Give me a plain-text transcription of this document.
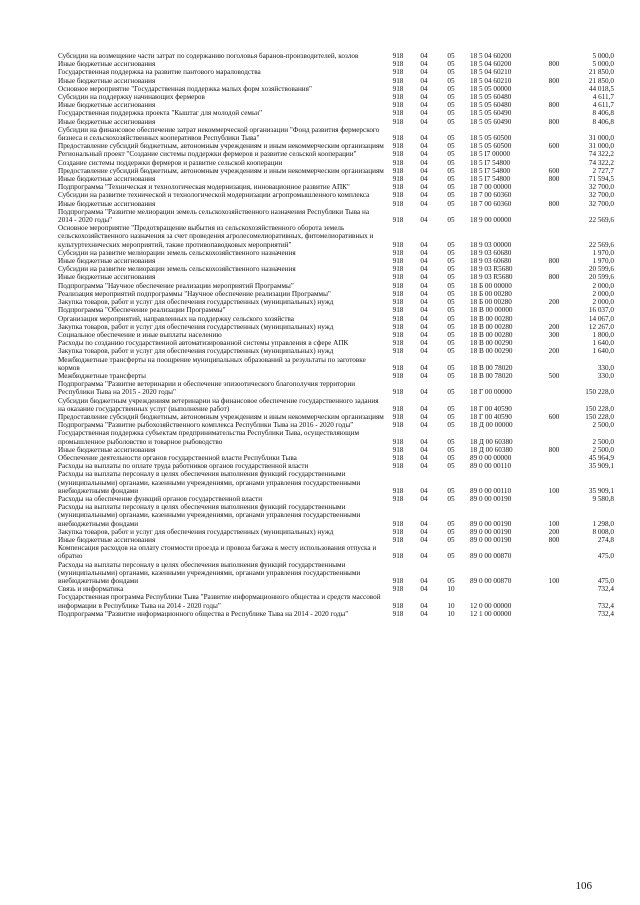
Субсидии на возмещение части затрат по содержанию поголовья баранов-производителей, козлов	918	04	05	18 5 04 60200		5 000,0
Иные бюджетные ассигнования	918	04	05	18 5 04 60200	800	5 000,0
Государственная поддержка на развитие пантового мараловодства	918	04	05	18 5 04 60210		21 850,0
Иные бюджетные ассигнования	918	04	05	18 5 04 60210	800	21 850,0
Основное мероприятие "Государственная поддержка малых форм хозяйствования"	918	04	05	18 5 05 00000		44 018,5
Субсидии на поддержку начинающих фермеров	918	04	05	18 5 05 60480		4 611,7
Иные бюджетные ассигнования	918	04	05	18 5 05 60480	800	4 611,7
Государственная поддержка проекта "Кыштаг для молодой семьи"	918	04	05	18 5 05 60490		8 406,8
Иные бюджетные ассигнования	918	04	05	18 5 05 60490	800	8 406,8
Субсидии на финансовое обеспечение затрат некоммерческой организации "Фонд развития фермерского бизнеса и сельскохозяйственных кооперативов Республики Тыва"	918	04	05	18 5 05 60500		31 000,0
Предоставление субсидий бюджетным, автономным учреждениям и иным некоммерческим организациям	918	04	05	18 5 05 60500	600	31 000,0
Региональный проект "Создание системы поддержки фермеров и развитие сельской кооперации"	918	04	05	18 5 I7 00000		74 322,2
Создание системы поддержки фермеров и развитие сельской кооперации	918	04	05	18 5 I7 54800		74 322,2
Предоставление субсидий бюджетным, автономным учреждениям и иным некоммерческим организациям	918	04	05	18 5 I7 54800	600	2 727,7
Иные бюджетные ассигнования	918	04	05	18 5 I7 54800	800	71 594,5
Подпрограмма "Техническая и технологическая модернизация, инновационное развитие АПК"	918	04	05	18 7 00 00000		32 700,0
Субсидии на развитие технической и технологической модернизации агропромышленного комплекса	918	04	05	18 7 00 60360		32 700,0
Иные бюджетные ассигнования	918	04	05	18 7 00 60360	800	32 700,0
Подпрограмма "Развитие мелиорации земель сельскохозяйственного назначения Республики Тыва на 2014 - 2020 годы"	918	04	05	18 9 00 00000		22 569,6
Основное мероприятие "Предотвращение выбытия из сельскохозяйственного оборота земель сельскохозяйственного назначения за счет проведения агролесомелиоративных, фитомелиоративных и культуртехнических мероприятий, также противопаводковых мероприятий"	918	04	05	18 9 03 00000		22 569,6
Субсидии на развитие мелиорации земель сельскохозяйственного назначения	918	04	05	18 9 03 60680		1 970,0
Иные бюджетные ассигнования	918	04	05	18 9 03 60680	800	1 970,0
Субсидии на развитие мелиорации земель сельскохозяйственного назначения	918	04	05	18 9 03 R5680		20 599,6
Иные бюджетные ассигнования	918	04	05	18 9 03 R5680	800	20 599,6
Подпрограмма "Научное обеспечение реализации мероприятий Программы"	918	04	05	18 Б 00 00000		2 000,0
Реализация мероприятий подпрограммы "Научное обеспечение реализации Программы"	918	04	05	18 Б 00 00280		2 000,0
Закупка товаров, работ и услуг для обеспечения государственных (муниципальных) нужд	918	04	05	18 Б 00 00280	200	2 000,0
Подпрограмма "Обеспечение реализации Программы"	918	04	05	18 В 00 00000		16 037,0
Организация мероприятий, направленных на поддержку сельского хозяйства	918	04	05	18 В 00 00280		14 067,0
Закупка товаров, работ и услуг для обеспечения государственных (муниципальных) нужд	918	04	05	18 В 00 00280	200	12 267,0
Социальное обеспечение и иные выплаты населению	918	04	05	18 В 00 00280	300	1 800,0
Расходы по созданию государственной автоматизированной системы управления в сфере АПК	918	04	05	18 В 00 00290		1 640,0
Закупка товаров, работ и услуг для обеспечения государственных (муниципальных) нужд	918	04	05	18 В 00 00290	200	1 640,0
Межбюджетные трансферты на поощрение муниципальных образований за результаты по заготовке кормов	918	04	05	18 В 00 78020		330,0
Межбюджетные трансферты	918	04	05	18 В 00 78020	500	330,0
Подпрограмма "Развитие ветеринарии и обеспечение эпизоотического благополучия территории Республики Тыва на 2015 - 2020 годы"	918	04	05	18 Г 00 00000		150 228,0
Субсидии бюджетным учреждениям ветеринарии на финансовое обеспечение государственного задания на оказание государственных услуг (выполнение работ)	918	04	05	18 Г 00 40590		150 228,0
Предоставление субсидий бюджетным, автономным учреждениям и иным некоммерческим организациям	918	04	05	18 Г 00 40590	600	150 228,0
Подпрограмма "Развитие рыбохозяйственного комплекса Республики Тыва на 2016 - 2020 годы"	918	04	05	18 Д 00 00000		2 500,0
Государственная поддержка субъектам предпринимательства Республики Тыва, осуществляющим промышленное рыболовство и товарное рыбоводство	918	04	05	18 Д 00 60380		2 500,0
Иные бюджетные ассигнования	918	04	05	18 Д 00 60380	800	2 500,0
Обеспечение деятельности органов государственной власти Республики Тыва	918	04	05	89 0 00 00000		45 964,9
Расходы на выплаты по оплате труда работников органов государственной власти	918	04	05	89 0 00 00110		35 909,1
Расходы на выплаты персоналу в целях обеспечения выполнения функций государственными (муниципальными) органами, казенными учреждениями, органами управления государственными внебюджетными фондами	918	04	05	89 0 00 00110	100	35 909,1
Расходы на обеспечение функций органов государственной власти	918	04	05	89 0 00 00190		9 580,8
Расходы на выплаты персоналу в целях обеспечения выполнения функций государственными (муниципальными) органами, казенными учреждениями, органами управления государственными внебюджетными фондами	918	04	05	89 0 00 00190	100	1 298,0
Закупка товаров, работ и услуг для обеспечения государственных (муниципальных) нужд	918	04	05	89 0 00 00190	200	8 008,0
Иные бюджетные ассигнования	918	04	05	89 0 00 00190	800	274,8
Компенсация расходов на оплату стоимости проезда и провоза багажа к месту использования отпуска и обратно	918	04	05	89 0 00 00870		475,0
Расходы на выплаты персоналу в целях обеспечения выполнения функций государственными (муниципальными) органами, казенными учреждениями, органами управления государственными внебюджетными фондами	918	04	05	89 0 00 00870	100	475,0
Связь и информатика	918	04	10			732,4
Государственная программа Республики Тыва "Развитие информационного общества и средств массовой информации в Республике Тыва на 2014 - 2020 годы"	918	04	10	12 0 00 00000		732,4
Подпрограмма "Развитие информационного общества в Республике Тыва на 2014 - 2020 годы"	918	04	10	12 1 00 00000		732,4
106
